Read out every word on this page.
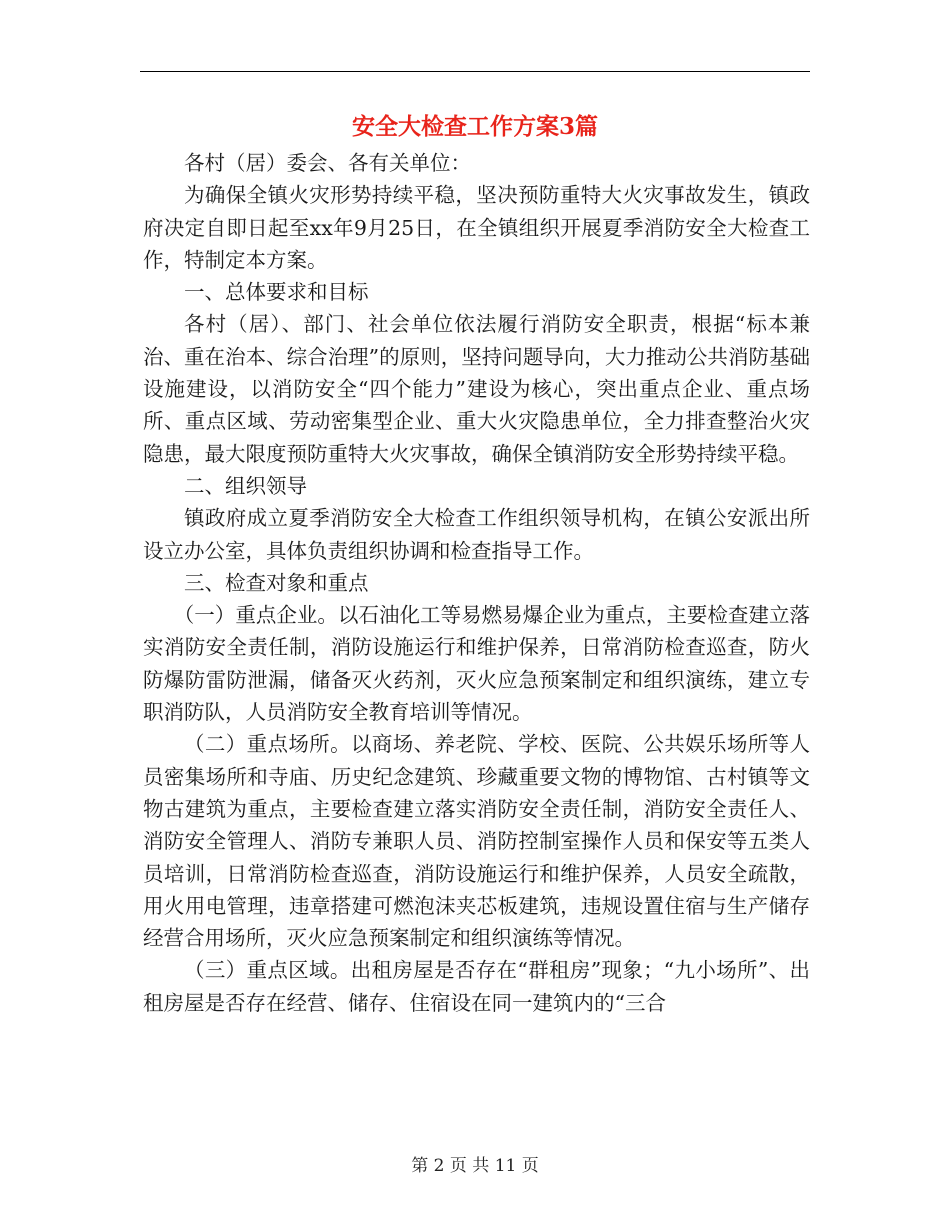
安全大检查工作方案3篇

各村（居）委会、各有关单位：

为确保全镇火灾形势持续平稳，坚决预防重特大火灾事故发生，镇政府决定自即日起至xx年9月25日，在全镇组织开展夏季消防安全大检查工作，特制定本方案。

一、总体要求和目标

各村（居）、部门、社会单位依法履行消防安全职责，根据“标本兼治、重在治本、综合治理”的原则，坚持问题导向，大力推动公共消防基础设施建设，以消防安全“四个能力”建设为核心，突出重点企业、重点场所、重点区域、劳动密集型企业、重大火灾隐患单位，全力排查整治火灾隐患，最大限度预防重特大火灾事故，确保全镇消防安全形势持续平稳。

二、组织领导

镇政府成立夏季消防安全大检查工作组织领导机构，在镇公安派出所设立办公室，具体负责组织协调和检查指导工作。

三、检查对象和重点

（一）重点企业。以石油化工等易燃易爆企业为重点，主要检查建立落实消防安全责任制，消防设施运行和维护保养，日常消防检查巡查，防火防爆防雷防泄漏，储备灭火药剂，灭火应急预案制定和组织演练，建立专职消防队，人员消防安全教育培训等情况。

（二）重点场所。以商场、养老院、学校、医院、公共娱乐场所等人员密集场所和寺庙、历史纪念建筑、珍藏重要文物的博物馆、古村镇等文物古建筑为重点，主要检查建立落实消防安全责任制，消防安全责任人、消防安全管理人、消防专兼职人员、消防控制室操作人员和保安等五类人员培训，日常消防检查巡查，消防设施运行和维护保养，人员安全疏散，用火用电管理，违章搭建可燃泡沫夹芯板建筑，违规设置住宿与生产储存经营合用场所，灭火应急预案制定和组织演练等情况。

（三）重点区域。出租房屋是否存在“群租房”现象；“九小场所”、出租房屋是否存在经营、储存、住宿设在同一建筑内的“三合

第 2 页 共 11 页
